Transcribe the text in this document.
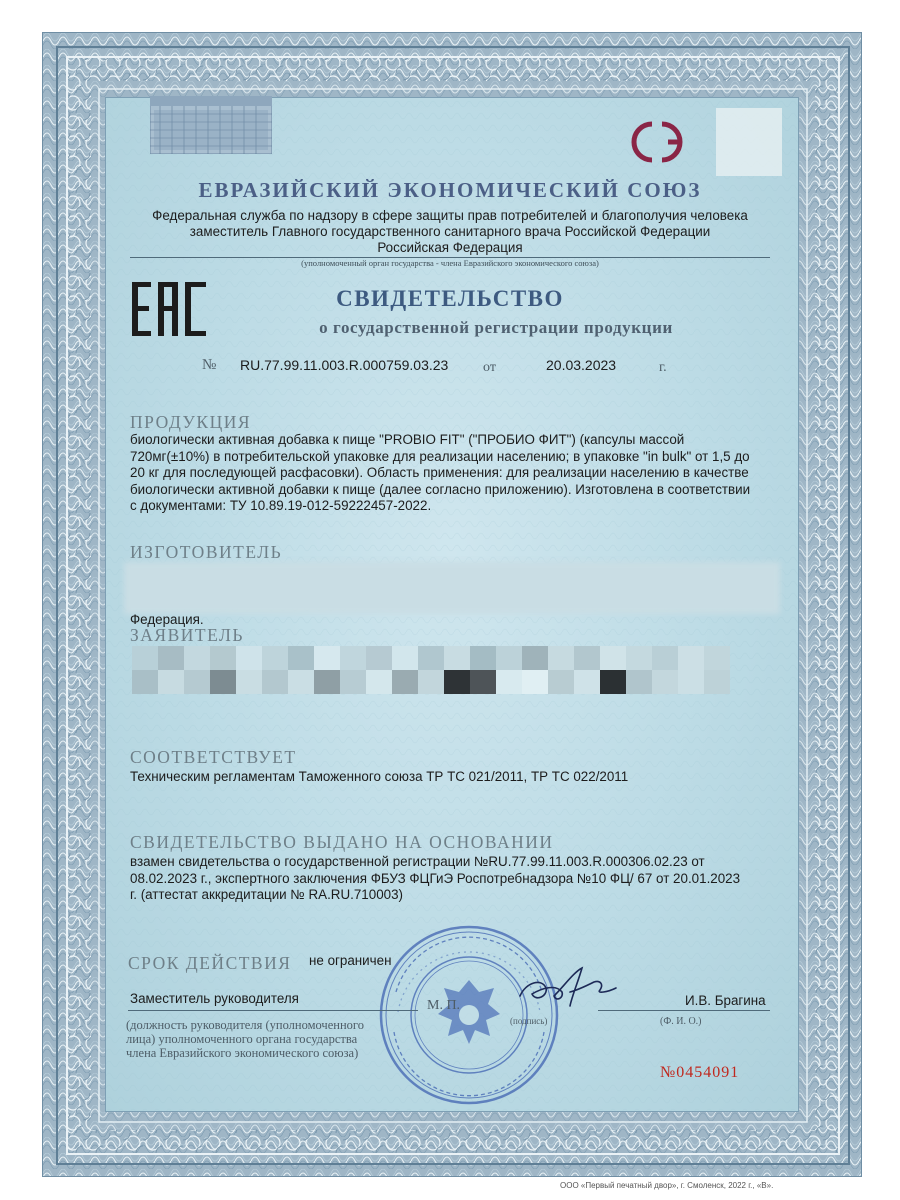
ЕВРАЗИЙСКИЙ ЭКОНОМИЧЕСКИЙ СОЮЗ
Федеральная служба по надзору в сфере защиты прав потребителей и благополучия человека
заместитель Главного государственного санитарного врача Российской Федерации
Российская Федерация
(уполномоченный орган государства - члена Евразийского экономического союза)
СВИДЕТЕЛЬСТВО
о государственной регистрации продукции
№ RU.77.99.11.003.R.000759.03.23 от	20.03.2023	г.
ПРОДУКЦИЯ
биологически активная добавка к пище "PROBIO FIT" ("ПРОБИО ФИТ") (капсулы массой
720мг(±10%) в потребительской упаковке для реализации населению; в упаковке "in bulk" от 1,5 до
20 кг для последующей расфасовки). Область применения: для реализации населению в качестве
биологически активной добавки к пище (далее согласно приложению). Изготовлена в соответствии
с документами: ТУ 10.89.19-012-59222457-2022.
ИЗГОТОВИТЕЛЬ
Федерация.
ЗАЯВИТЕЛЬ
СООТВЕТСТВУЕТ
Техническим регламентам Таможенного союза ТР ТС 021/2011, ТР ТС 022/2011
СВИДЕТЕЛЬСТВО ВЫДАНО НА ОСНОВАНИИ
взамен свидетельства о государственной регистрации №RU.77.99.11.003.R.000306.02.23 от
08.02.2023 г., экспертного заключения ФБУЗ ФЦГиЭ Роспотребнадзора №10 ФЦ/ 67 от 20.01.2023
г. (аттестат аккредитации № RA.RU.710003)
СРОК ДЕЙСТВИЯ не ограничен
Заместитель руководителя	М. П.
(подпись)
И.В. Брагина
(Ф. И. О.)
(должность руководителя (уполномоченного
лица) уполномоченного органа государства
члена Евразийского экономического союза)
№0454091
ООО «Первый печатный двор», г. Смоленск, 2022 г., «В».
